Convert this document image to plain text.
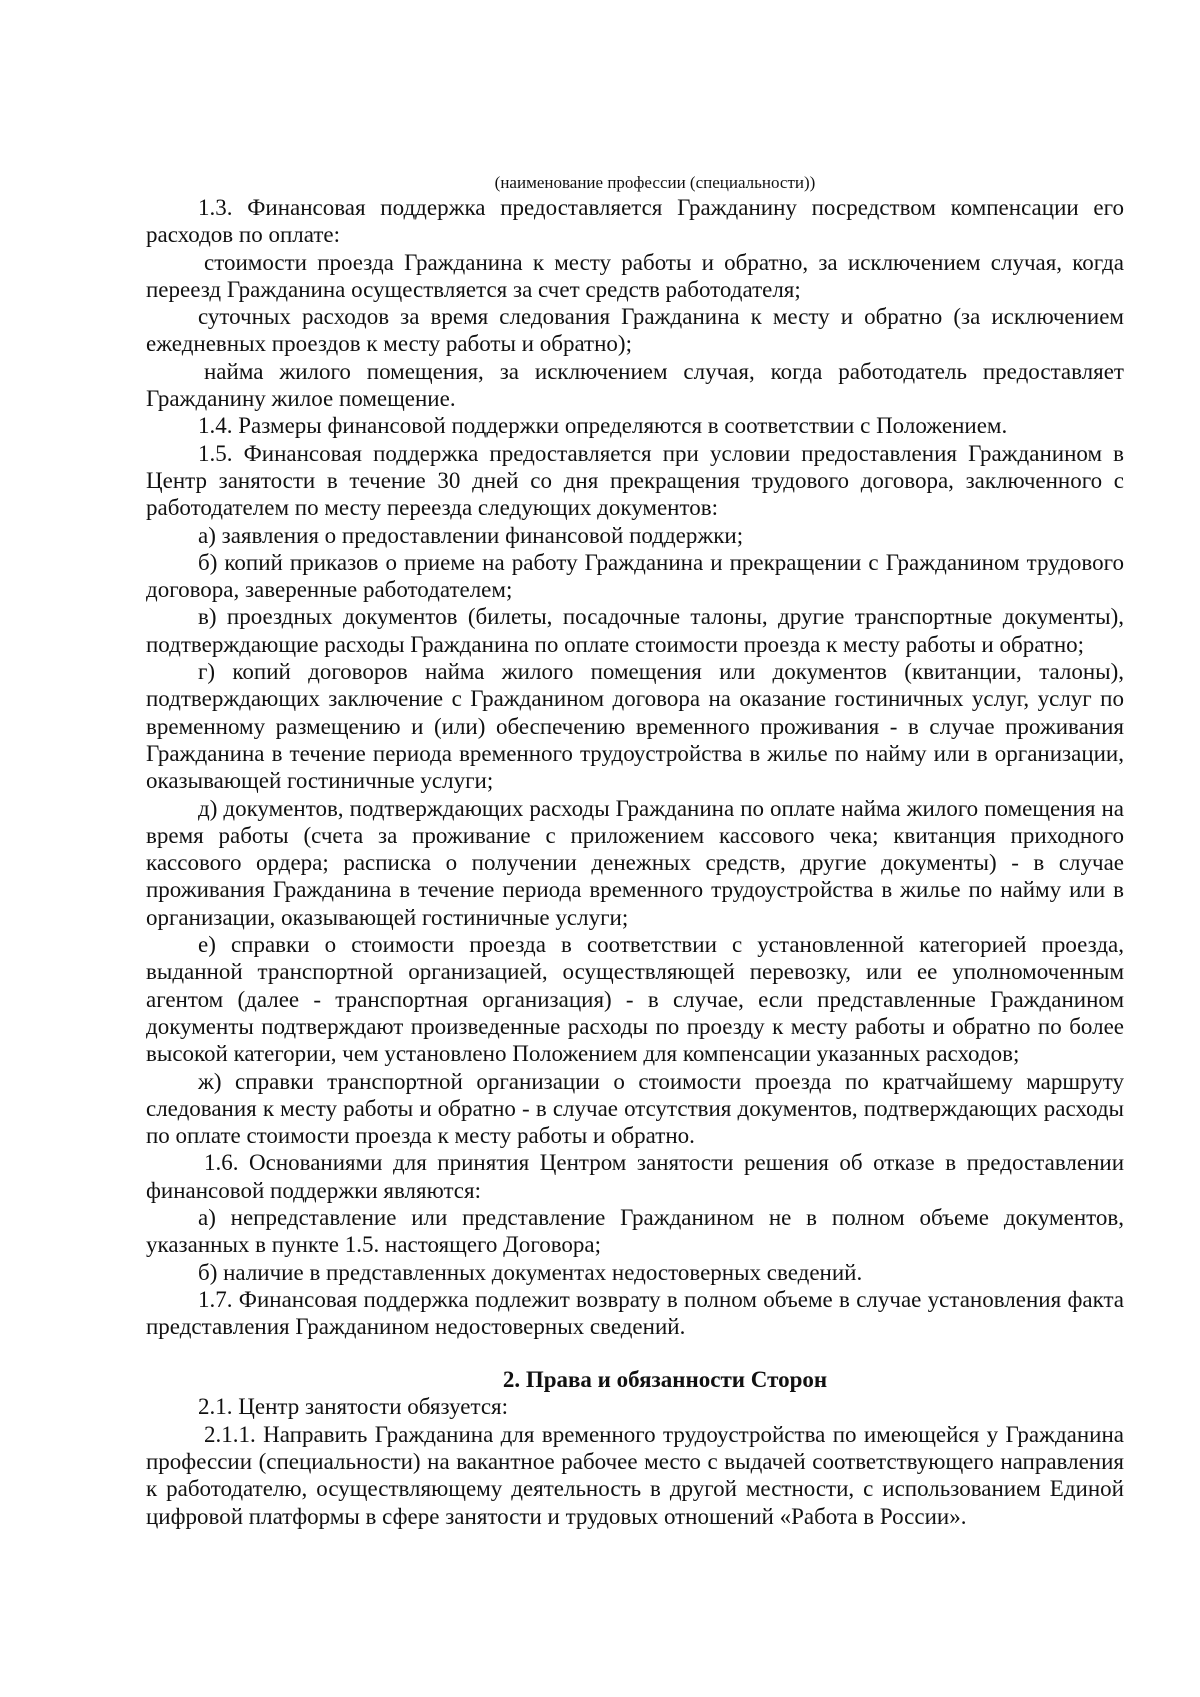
(наименование профессии (специальности))

1.3. Финансовая поддержка предоставляется Гражданину посредством компенсации его расходов по оплате:

стоимости проезда Гражданина к месту работы и обратно, за исключением случая, когда переезд Гражданина осуществляется за счет средств работодателя;

суточных расходов за время следования Гражданина к месту и обратно (за исключением ежедневных проездов к месту работы и обратно);

найма жилого помещения, за исключением случая, когда работодатель предоставляет Гражданину жилое помещение.

1.4. Размеры финансовой поддержки определяются в соответствии с Положением.

1.5. Финансовая поддержка предоставляется при условии предоставления Гражданином в Центр занятости в течение 30 дней со дня прекращения трудового договора, заключенного с работодателем по месту переезда следующих документов:

а) заявления о предоставлении финансовой поддержки;

б) копий приказов о приеме на работу Гражданина и прекращении с Гражданином трудового договора, заверенные работодателем;

в) проездных документов (билеты, посадочные талоны, другие транспортные документы), подтверждающие расходы Гражданина по оплате стоимости проезда к месту работы и обратно;

г) копий договоров найма жилого помещения или документов (квитанции, талоны), подтверждающих заключение с Гражданином договора на оказание гостиничных услуг, услуг по временному размещению и (или) обеспечению временного проживания - в случае проживания Гражданина в течение периода временного трудоустройства в жилье по найму или в организации, оказывающей гостиничные услуги;

д) документов, подтверждающих расходы Гражданина по оплате найма жилого помещения на время работы (счета за проживание с приложением кассового чека; квитанция приходного кассового ордера; расписка о получении денежных средств, другие документы) - в случае проживания Гражданина в течение периода временного трудоустройства в жилье по найму или в организации, оказывающей гостиничные услуги;

е) справки о стоимости проезда в соответствии с установленной категорией проезда, выданной транспортной организацией, осуществляющей перевозку, или ее уполномоченным агентом (далее - транспортная организация) - в случае, если представленные Гражданином документы подтверждают произведенные расходы по проезду к месту работы и обратно по более высокой категории, чем установлено Положением для компенсации указанных расходов;

ж) справки транспортной организации о стоимости проезда по кратчайшему маршруту следования к месту работы и обратно - в случае отсутствия документов, подтверждающих расходы по оплате стоимости проезда к месту работы и обратно.

1.6. Основаниями для принятия Центром занятости решения об отказе в предоставлении финансовой поддержки являются:

а) непредставление или представление Гражданином не в полном объеме документов, указанных в пункте 1.5. настоящего Договора;

б) наличие в представленных документах недостоверных сведений.

1.7. Финансовая поддержка подлежит возврату в полном объеме в случае установления факта представления Гражданином недостоверных сведений.

2. Права и обязанности Сторон

2.1. Центр занятости обязуется:

2.1.1. Направить Гражданина для временного трудоустройства по имеющейся у Гражданина профессии (специальности) на вакантное рабочее место с выдачей соответствующего направления к работодателю, осуществляющему деятельность в другой местности, с использованием Единой цифровой платформы в сфере занятости и трудовых отношений «Работа в России».
